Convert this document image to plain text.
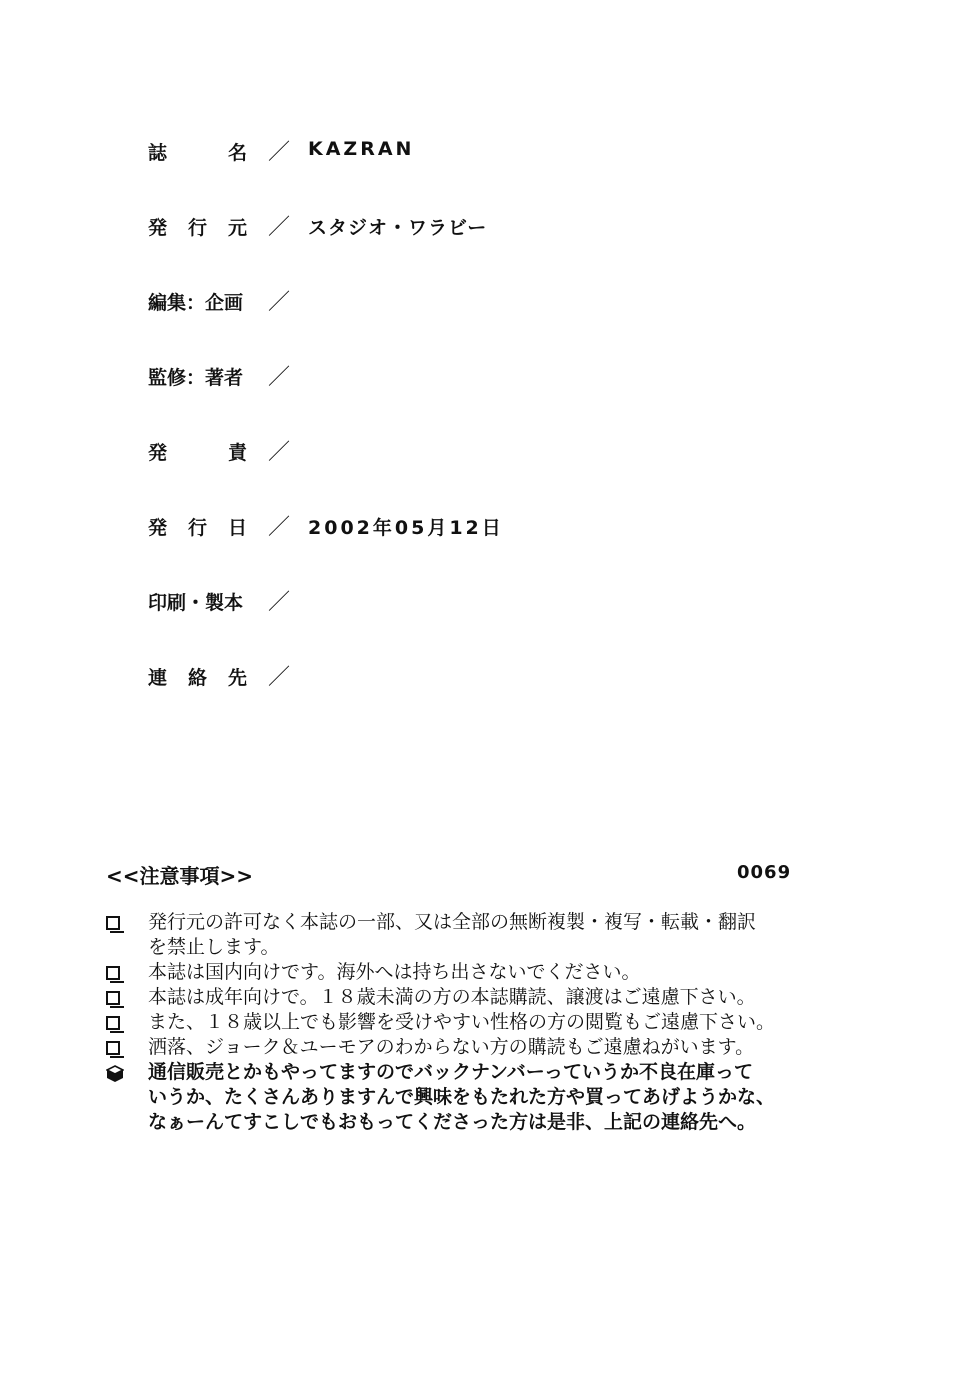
誌	名 ／ KAZRAN
発 行 元 ／ スタジオ・ワラビー
編集：企画 ／
監修：著者 ／
発	責 ／
発 行 日 ／ 2002年05月12日
印刷・製本 ／
連 絡 先 ／
<<注意事項>>	0069
発行元の許可なく本誌の一部、又は全部の無断複製・複写・転載・翻訳
を禁止します。
本誌は国内向けです。海外へは持ち出さないでください。
本誌は成年向けで。１８歳未満の方の本誌購読、譲渡はご遠慮下さい。
また、１８歳以上でも影響を受けやすい性格の方の閲覧もご遠慮下さい。
洒落、ジョーク＆ユーモアのわからない方の購読もご遠慮ねがいます。
通信販売とかもやってますのでバックナンバーっていうか不良在庫って
いうか、たくさんありますんで興味をもたれた方や買ってあげようかな、
なぁーんてすこしでもおもってくださった方は是非、上記の連絡先へ。
